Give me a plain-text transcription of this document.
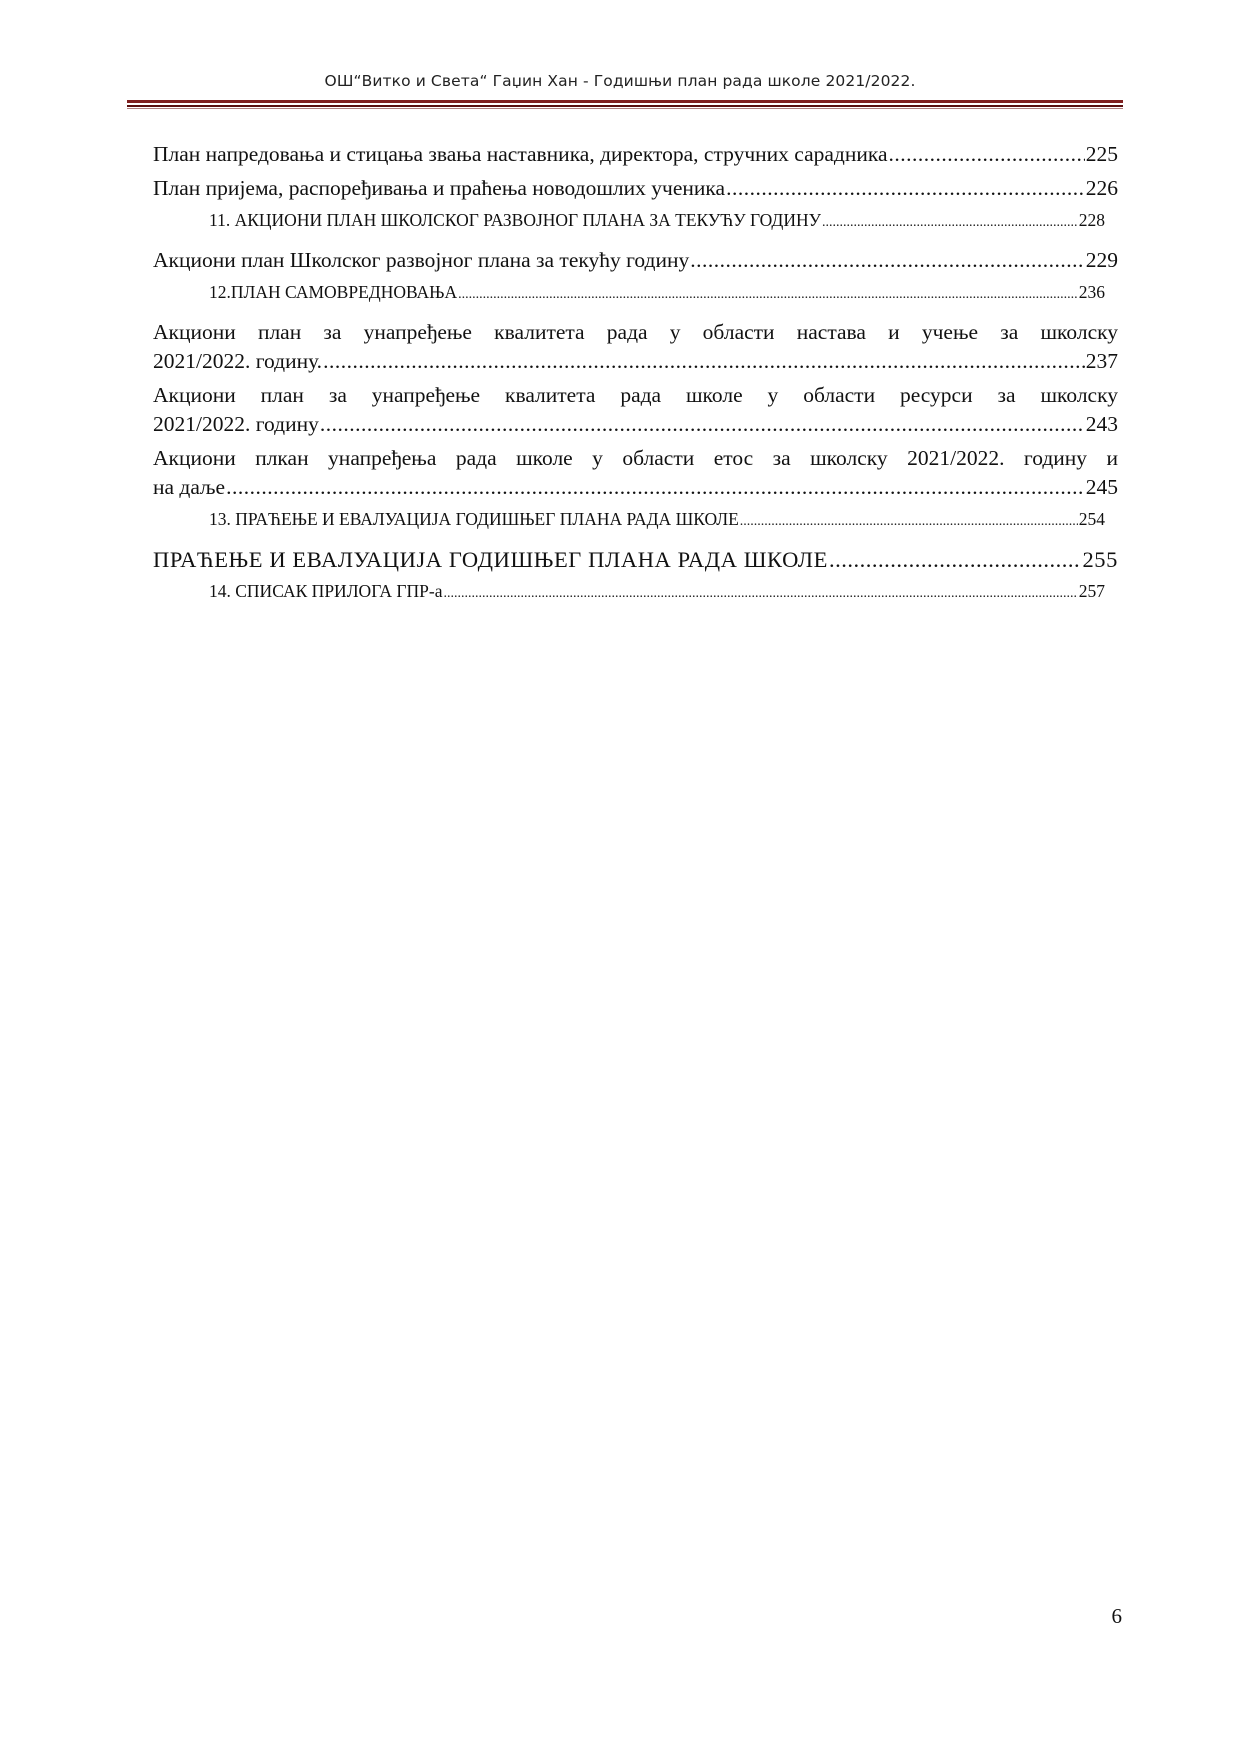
ОШ“Витко и Света“ Гаџин Хан - Годишњи план рада школе 2021/2022.
План напредовања и стицања звања наставника, директора, стручних сарадника .....	225
План пријема, распоређивања и праћења новодошлих ученика .....	226
11. АКЦИОНИ ПЛАН ШКОЛСКОГ РАЗВОЈНОГ ПЛАНА ЗА ТЕКУЋУ ГОДИНУ .....	228
Акциони план Школског развојног плана за текућу годину .....	229
12.ПЛАН САМОВРЕДНОВАЊА .....	236
Акциони план за унапређење квалитета рада у области настава и учење за школску
2021/2022. годину. .....	237
Акциони план за унапређење квалитета рада школе у области ресурси за школску
2021/2022. годину .....	243
Акциони плкан унапређења рада школе у области етос за школску 2021/2022. годину и
на даље .....	245
13. ПРАЋЕЊЕ И ЕВАЛУАЦИЈА ГОДИШЊЕГ ПЛАНА РАДА ШКОЛЕ .....	254
ПРАЋЕЊЕ И ЕВАЛУАЦИЈА ГОДИШЊЕГ ПЛАНА РАДА ШКОЛЕ .....	255
14. СПИСАК ПРИЛОГА ГПР-а .....	257
6
